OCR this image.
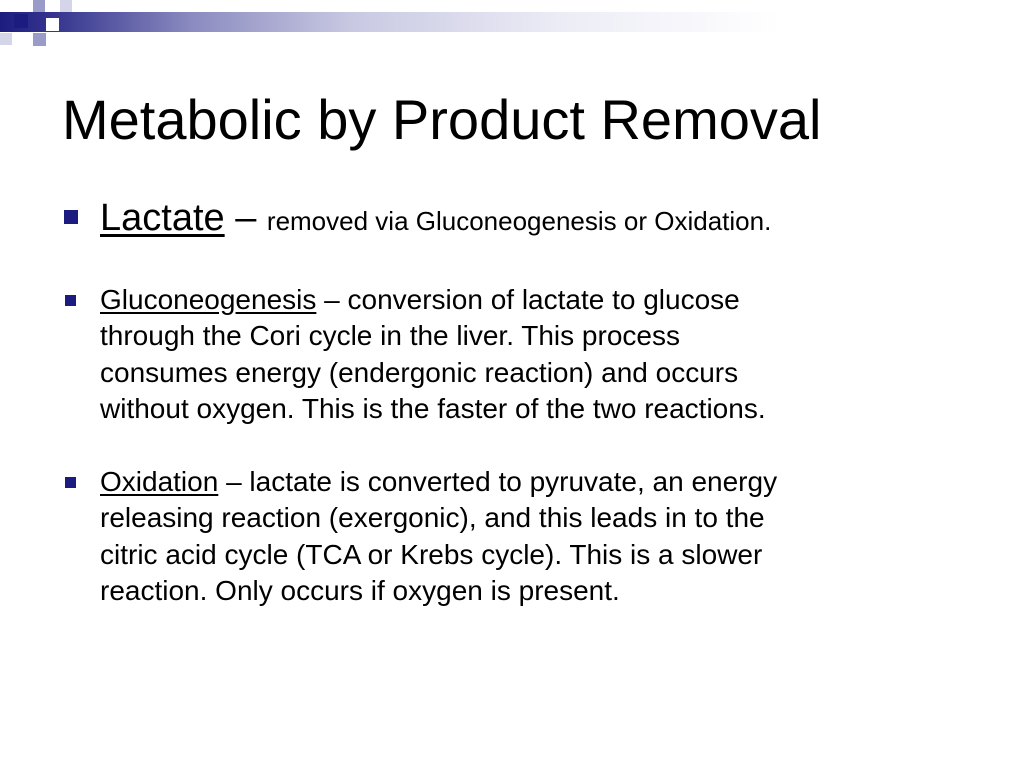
Metabolic by Product Removal
Lactate – removed via Gluconeogenesis or Oxidation.

Gluconeogenesis – conversion of lactate to glucose

through the Cori cycle in the liver. This process

consumes energy (endergonic reaction) and occurs

without oxygen. This is the faster of the two reactions.

Oxidation – lactate is converted to pyruvate, an energy

releasing reaction (exergonic), and this leads in to the

citric acid cycle (TCA or Krebs cycle). This is a slower

reaction. Only occurs if oxygen is present.
